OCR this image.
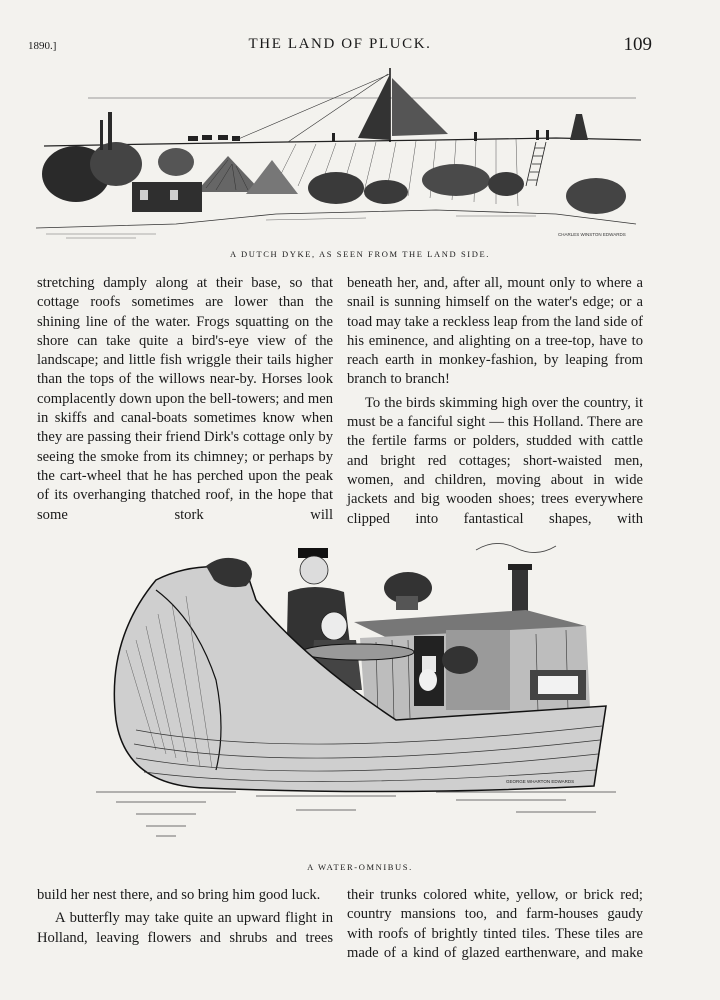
1890.]	THE LAND OF PLUCK.	109
CHARLES WINSTON EDWARDS
A DUTCH DYKE, AS SEEN FROM THE LAND SIDE.

stretching damply along at their base, so that cottage roofs sometimes are lower than the shining line of the water. Frogs squatting on the shore can take quite a bird's-eye view of the landscape; and little fish wriggle their tails higher than the tops of the willows near-by. Horses look complacently down upon the bell-towers; and men in skiffs and canal-boats sometimes know when they are passing their friend Dirk's cottage only by seeing the smoke from its chimney; or perhaps by the cart-wheel that he has perched upon the peak of its overhanging thatched roof, in the hope that some stork will

beneath her, and, after all, mount only to where a snail is sunning himself on the water's edge; or a toad may take a reckless leap from the land side of his eminence, and alighting on a tree-top, have to reach earth in monkey-fashion, by leaping from branch to branch!

To the birds skimming high over the country, it must be a fanciful sight — this Holland. There are the fertile farms or polders, studded with cattle and bright red cottages; short-waisted men, women, and children, moving about in wide jackets and big wooden shoes; trees everywhere clipped into fantastical shapes, with

GEORGE WHARTON EDWARDS
A WATER-OMNIBUS.

build her nest there, and so bring him good luck.

A butterfly may take quite an upward flight in Holland, leaving flowers and shrubs and trees

their trunks colored white, yellow, or brick red; country mansions too, and farm-houses gaudy with roofs of brightly tinted tiles. These tiles are made of a kind of glazed earthenware, and make
